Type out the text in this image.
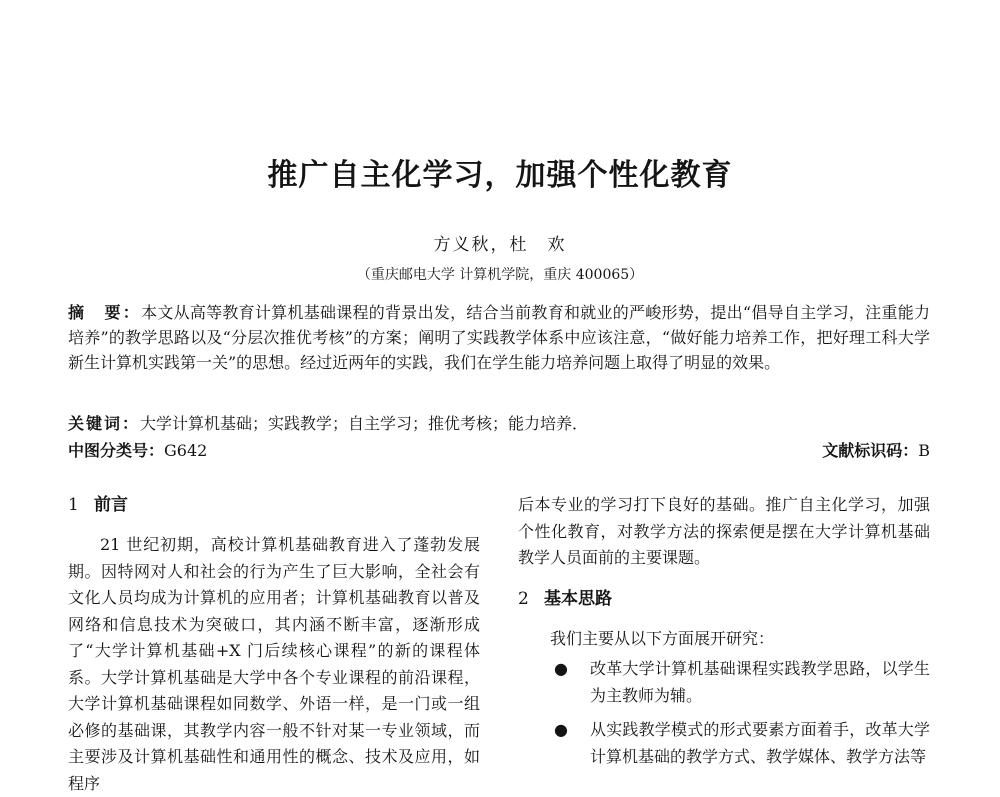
推广自主化学习，加强个性化教育
方义秋，杜　欢
（重庆邮电大学 计算机学院，重庆 400065）
摘　要：本文从高等教育计算机基础课程的背景出发，结合当前教育和就业的严峻形势，提出“倡导自主学习，注重能力培养”的教学思路以及“分层次推优考核”的方案；阐明了实践教学体系中应该注意，“做好能力培养工作，把好理工科大学新生计算机实践第一关”的思想。经过近两年的实践，我们在学生能力培养问题上取得了明显的效果。
关键词：大学计算机基础；实践教学；自主学习；推优考核；能力培养．
中图分类号：G642	文献标识码：B
1 前言

21 世纪初期，高校计算机基础教育进入了蓬勃发展期。因特网对人和社会的行为产生了巨大影响，全社会有文化人员均成为计算机的应用者；计算机基础教育以普及网络和信息技术为突破口，其内涵不断丰富，逐渐形成了“大学计算机基础+X 门后续核心课程”的新的课程体系。大学计算机基础是大学中各个专业课程的前沿课程，大学计算机基础课程如同数学、外语一样，是一门或一组必修的基础课，其教学内容一般不针对某一专业领域，而主要涉及计算机基础性和通用性的概念、技术及应用，如程序

后本专业的学习打下良好的基础。推广自主化学习，加强个性化教育，对教学方法的探索便是摆在大学计算机基础教学人员面前的主要课题。

2 基本思路

我们主要从以下方面展开研究：

● 改革大学计算机基础课程实践教学思路，以学生为主教师为辅。
● 从实践教学模式的形式要素方面着手，改革大学计算机基础的教学方式、教学媒体、教学方法等
